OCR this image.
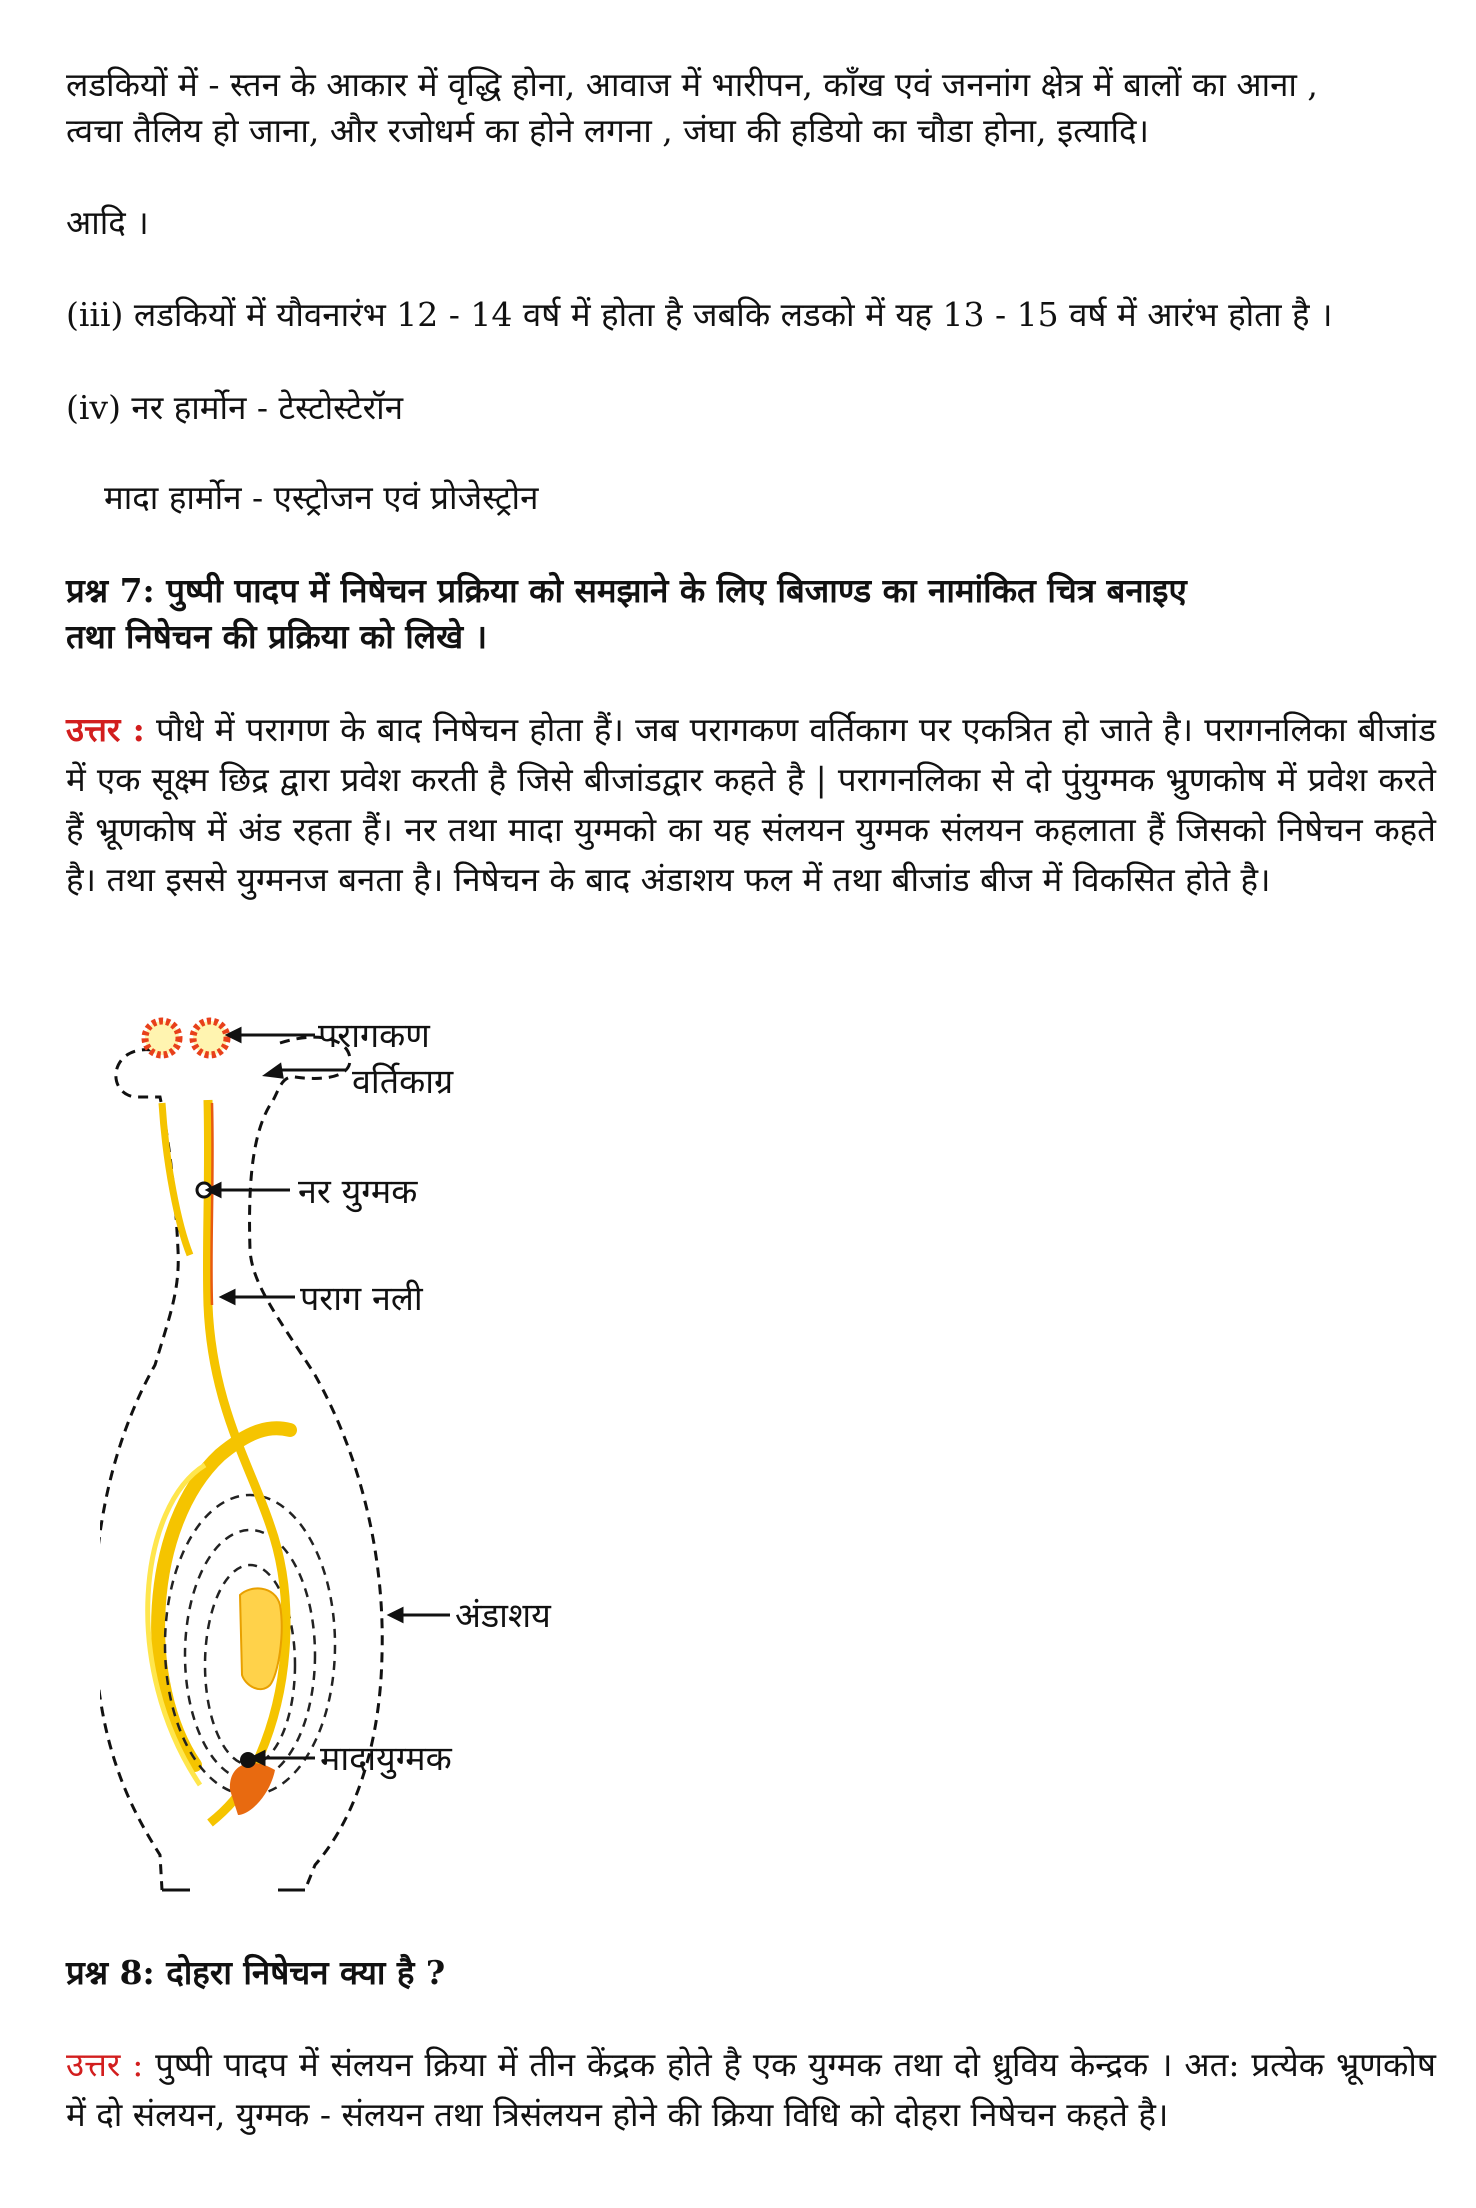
लडकियों में - स्तन के आकार में वृद्धि होना, आवाज में भारीपन, काँख एवं जननांग क्षेत्र में बालों का आना ,
त्वचा तैलिय हो जाना, और रजोधर्म का होने लगना , जंघा की हडियो का चौडा होना, इत्यादि।

आदि ।

(iii) लडकियों में यौवनारंभ 12 - 14 वर्ष में होता है जबकि लडको में यह 13 - 15 वर्ष में आरंभ होता है ।

(iv) नर हार्मोन - टेस्टोस्टेरॉन

मादा हार्मोन - एस्ट्रोजन एवं प्रोजेस्ट्रोन

प्रश्न 7: पुष्पी पादप में निषेचन प्रक्रिया को समझाने के लिए बिजाण्ड का नामांकित चित्र बनाइए
तथा निषेचन की प्रक्रिया को लिखे ।

उत्तर : पौधे में परागण के बाद निषेचन होता हैं। जब परागकण वर्तिकाग पर एकत्रित हो जाते है। परागनलिका बीजांड में एक सूक्ष्म छिद्र द्वारा प्रवेश करती है जिसे बीजांडद्वार कहते है | परागनलिका से दो पुंयुग्मक भ्रुणकोष में प्रवेश करते हैं भ्रूणकोष में अंड रहता हैं। नर तथा मादा युग्मको का यह संलयन युग्मक संलयन कहलाता हैं जिसको निषेचन कहते है। तथा इससे युग्मनज बनता है। निषेचन के बाद अंडाशय फल में तथा बीजांड बीज में विकसित होते है।

परागकण
वर्तिकाग्र
नर युग्मक
पराग नली
अंडाशय
मादायुग्मक

प्रश्न 8: दोहरा निषेचन क्या है ?

उत्तर : पुष्पी पादप में संलयन क्रिया में तीन केंद्रक होते है एक युग्मक तथा दो ध्रुविय केन्द्रक । अत: प्रत्येक भ्रूणकोष में दो संलयन, युग्मक - संलयन तथा त्रिसंलयन होने की क्रिया विधि को दोहरा निषेचन कहते है।
